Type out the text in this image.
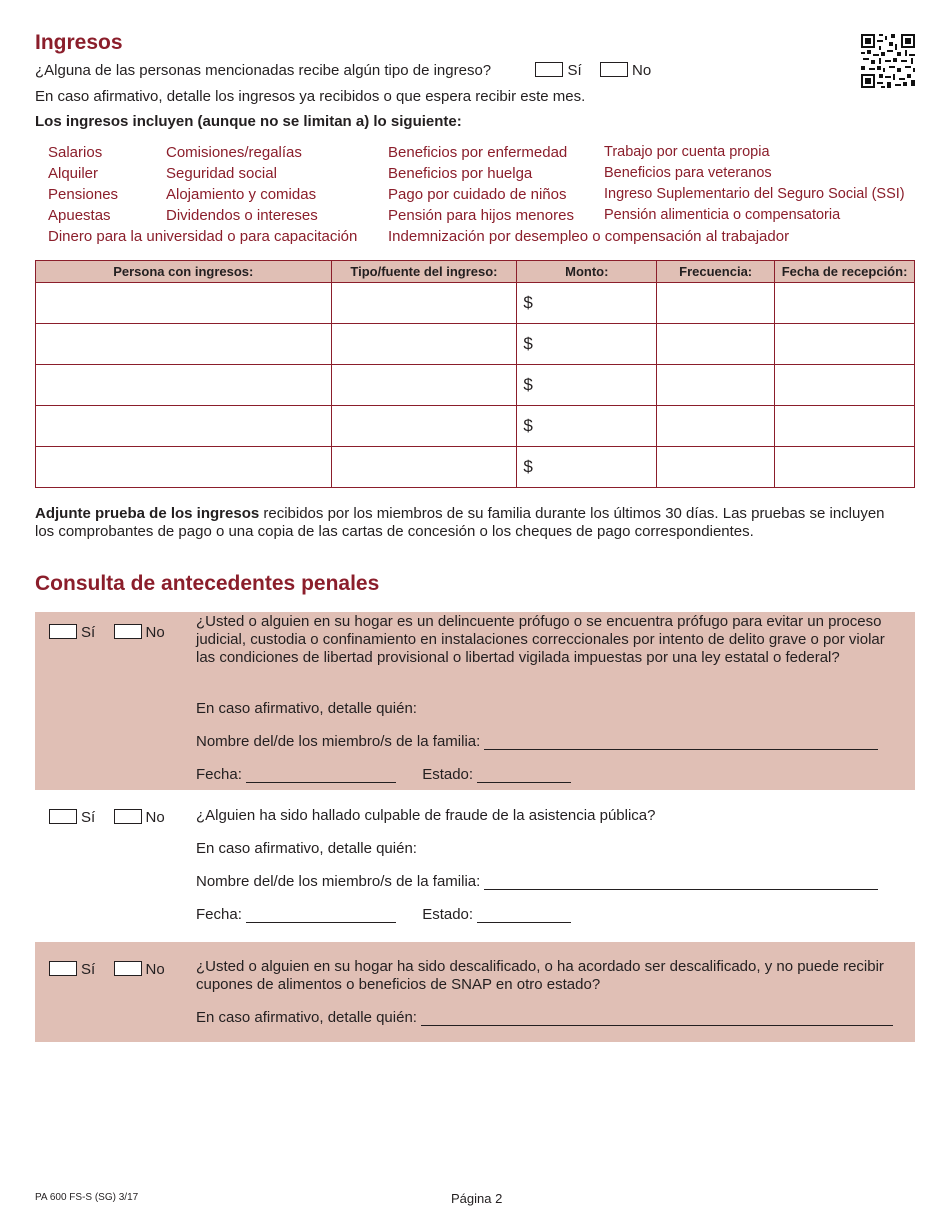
Ingresos
¿Alguna de las personas mencionadas recibe algún tipo de ingreso?	Sí	No
En caso afirmativo, detalle los ingresos ya recibidos o que espera recibir este mes.
Los ingresos incluyen (aunque no se limitan a) lo siguiente:
Salarios
Alquiler
Pensiones
Apuestas
Comisiones/regalías
Seguridad social
Alojamiento y comidas
Dividendos o intereses
Beneficios por enfermedad
Beneficios por huelga
Pago por cuidado de niños
Pensión para hijos menores
Trabajo por cuenta propia
Beneficios para veteranos
Ingreso Suplementario del Seguro Social (SSI)
Pensión alimenticia o compensatoria
Dinero para la universidad o para capacitación Indemnización por desempleo o compensación al trabajador
Persona con ingresos:	Tipo/fuente del ingreso:	Monto:	Frecuencia:	Fecha de recepción:
		$		
		$		
		$		
		$		
		$		
Adjunte prueba de los ingresos recibidos por los miembros de su familia durante los últimos 30 días. Las pruebas se incluyen
los comprobantes de pago o una copia de las cartas de concesión o los cheques de pago correspondientes.
Consulta de antecedentes penales
Sí	No
¿Usted o alguien en su hogar es un delincuente prófugo o se encuentra prófugo para evitar un proceso judicial, custodia o confinamiento en instalaciones correccionales por intento de delito grave o por violar las condiciones de libertad provisional o libertad vigilada impuestas por una ley estatal o federal?
En caso afirmativo, detalle quién:
Nombre del/de los miembro/s de la familia:
Fecha:	Estado:
Sí	No ¿Alguien ha sido hallado culpable de fraude de la asistencia pública?
En caso afirmativo, detalle quién:
Nombre del/de los miembro/s de la familia:
Fecha:	Estado:
Sí	No ¿Usted o alguien en su hogar ha sido descalificado, o ha acordado ser descalificado, y no puede recibir cupones de alimentos o beneficios de SNAP en otro estado?
En caso afirmativo, detalle quién:
PA 600 FS-S (SG) 3/17	Página 2
